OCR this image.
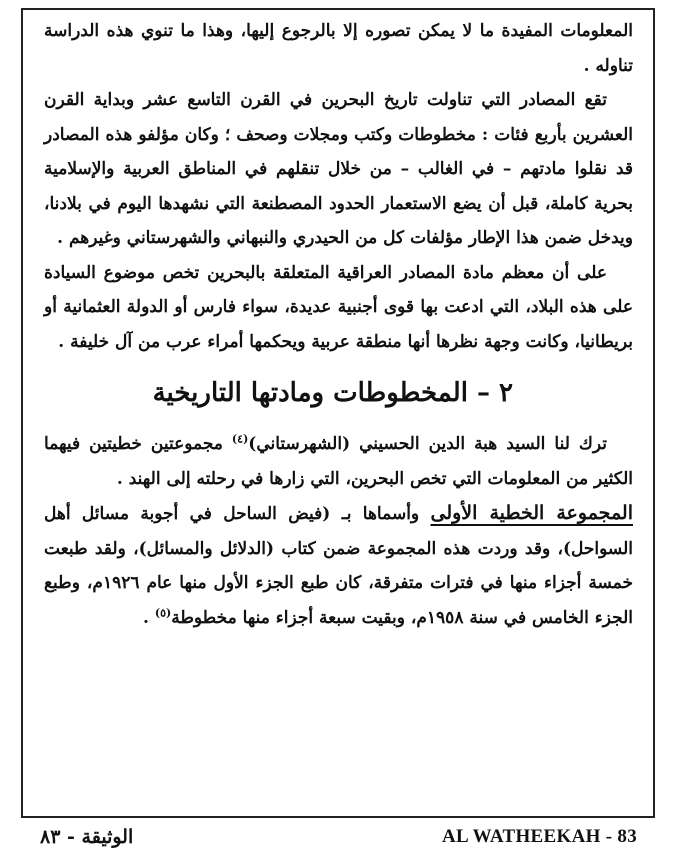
المعلومات المفيدة ما لا يمكن تصوره إلا بالرجوع إليها، وهذا ما تنوي هذه الدراسة تناوله .

تقع المصادر التي تناولت تاريخ البحرين في القرن التاسع عشر وبداية القرن العشرين بأربع فئات : مخطوطات وكتب ومجلات وصحف ؛ وكان مؤلفو هذه المصادر قد نقلوا مادتهم – في الغالب – من خلال تنقلهم في المناطق العربية والإسلامية بحرية كاملة، قبل أن يضع الاستعمار الحدود المصطنعة التي نشهدها اليوم في بلادنا، ويدخل ضمن هذا الإطار مؤلفات كل من الحيدري والنبهاني والشهرستاني وغيرهم .

على أن معظم مادة المصادر العراقية المتعلقة بالبحرين تخص موضوع السيادة على هذه البلاد، التي ادعت بها قوى أجنبية عديدة، سواء فارس أو الدولة العثمانية أو بريطانيا، وكانت وجهة نظرها أنها منطقة عربية ويحكمها أمراء عرب من آل خليفة .

٢ – المخطوطات ومادتها التاريخية

ترك لنا السيد هبة الدين الحسيني (الشهرستاني)$^{(٤)}$ مجموعتين خطيتين فيهما الكثير من المعلومات التي تخص البحرين، التي زارها في رحلته إلى الهند .

المجموعة الخطية الأولى وأسماها بـ (فيض الساحل في أجوبة مسائل أهل السواحل)، وقد وردت هذه المجموعة ضمن كتاب (الدلائل والمسائل)، ولقد طبعت خمسة أجزاء منها في فترات متفرقة، كان طبع الجزء الأول منها عام ١٩٢٦م، وطبع الجزء الخامس في سنة ١٩٥٨م، وبقيت سبعة أجزاء منها مخطوطة$^{(٥)}$ .

الوثيقة - ٨٣	AL WATHEEKAH - 83
